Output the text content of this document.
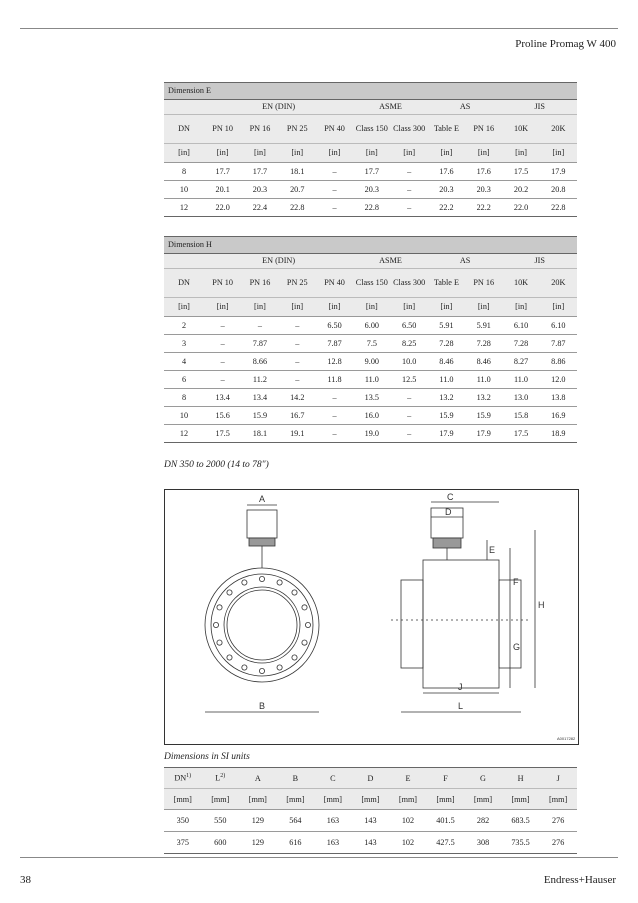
Proline Promag W 400
Dimension E										
	EN (DIN)				ASME		AS		JIS	
DN	PN 10	PN 16	PN 25	PN 40	Class 150	Class 300	Table E	PN 16	10K	20K
[in]	[in]	[in]	[in]	[in]	[in]	[in]	[in]	[in]	[in]	[in]
8	17.7	17.7	18.1	–	17.7	–	17.6	17.6	17.5	17.9
10	20.1	20.3	20.7	–	20.3	–	20.3	20.3	20.2	20.8
12	22.0	22.4	22.8	–	22.8	–	22.2	22.2	22.0	22.8
Dimension H										
	EN (DIN)				ASME		AS		JIS	
DN	PN 10	PN 16	PN 25	PN 40	Class 150	Class 300	Table E	PN 16	10K	20K
[in]	[in]	[in]	[in]	[in]	[in]	[in]	[in]	[in]	[in]	[in]
2	–	–	–	6.50	6.00	6.50	5.91	5.91	6.10	6.10
3	–	7.87	–	7.87	7.5	8.25	7.28	7.28	7.28	7.87
4	–	8.66	–	12.8	9.00	10.0	8.46	8.46	8.27	8.86
6	–	11.2	–	11.8	11.0	12.5	11.0	11.0	11.0	12.0
8	13.4	13.4	14.2	–	13.5	–	13.2	13.2	13.0	13.8
10	15.6	15.9	16.7	–	16.0	–	15.9	15.9	15.8	16.9
12	17.5	18.1	19.1	–	19.0	–	17.9	17.9	17.5	18.9
DN 350 to 2000 (14 to 78")
A
B
C
D
E
F
G
H
J
L
A0017282
Dimensions in SI units
DN$^{1)}$	$L^{2)}$	A	B	C	D	E	F	G	H	J
[mm]	[mm]	[mm]	[mm]	[mm]	[mm]	[mm]	[mm]	[mm]	[mm]	[mm]
350	550	129	564	163	143	102	401.5	282	683.5	276
375	600	129	616	163	143	102	427.5	308	735.5	276
38	Endress+Hauser
